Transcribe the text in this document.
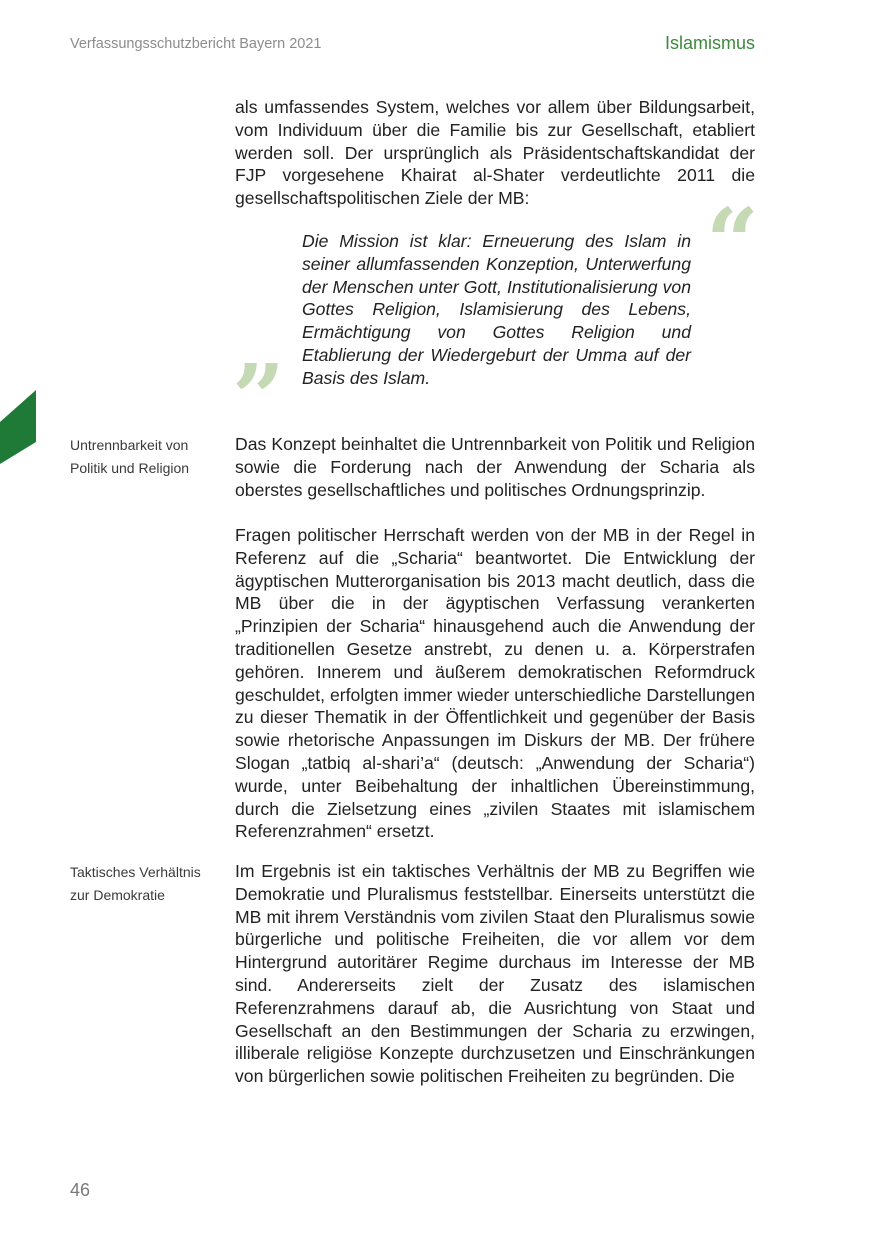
Verfassungsschutzbericht Bayern 2021	Islamismus
als umfassendes System, welches vor allem über Bildungsarbeit, vom Individuum über die Familie bis zur Gesellschaft, etabliert werden soll. Der ursprünglich als Präsidentschaftskandidat der FJP vorgesehene Khairat al-Shater verdeutlichte 2011 die gesellschaftspolitischen Ziele der MB:	“
Die Mission ist klar: Erneuerung des Islam in seiner allumfassenden Konzeption, Unterwerfung der Menschen unter Gott, Institutionalisierung von Gottes Religion, Islamisierung des Lebens, Ermächtigung von Gottes Religion und Etablierung der Wiedergeburt der Umma auf der Basis des Islam.
”
Untrennbarkeit von Politik und Religion
Das Konzept beinhaltet die Untrennbarkeit von Politik und Religion sowie die Forderung nach der Anwendung der Scharia als oberstes gesellschaftliches und politisches Ordnungsprinzip.
Fragen politischer Herrschaft werden von der MB in der Regel in Referenz auf die „Scharia“ beantwortet. Die Entwicklung der ägyptischen Mutterorganisation bis 2013 macht deutlich, dass die MB über die in der ägyptischen Verfassung verankerten „Prinzipien der Scharia“ hinausgehend auch die Anwendung der traditionellen Gesetze anstrebt, zu denen u. a. Körperstrafen gehören. Innerem und äußerem demokratischen Reformdruck geschuldet, erfolgten immer wieder unterschiedliche Darstellungen zu dieser Thematik in der Öffentlichkeit und gegenüber der Basis sowie rhetorische Anpassungen im Diskurs der MB. Der frühere Slogan „tatbiq al-shari’a“ (deutsch: „Anwendung der Scharia“) wurde, unter Beibehaltung der inhaltlichen Übereinstimmung, durch die Zielsetzung eines „zivilen Staates mit islamischem Referenzrahmen“ ersetzt.
Taktisches Verhältnis zur Demokratie
Im Ergebnis ist ein taktisches Verhältnis der MB zu Begriffen wie Demokratie und Pluralismus feststellbar. Einerseits unterstützt die MB mit ihrem Verständnis vom zivilen Staat den Pluralismus sowie bürgerliche und politische Freiheiten, die vor allem vor dem Hintergrund autoritärer Regime durchaus im Interesse der MB sind. Andererseits zielt der Zusatz des islamischen Referenzrahmens darauf ab, die Ausrichtung von Staat und Gesellschaft an den Bestimmungen der Scharia zu erzwingen, illiberale religiöse Konzepte durchzusetzen und Einschränkungen von bürgerlichen sowie politischen Freiheiten zu begründen. Die
46
